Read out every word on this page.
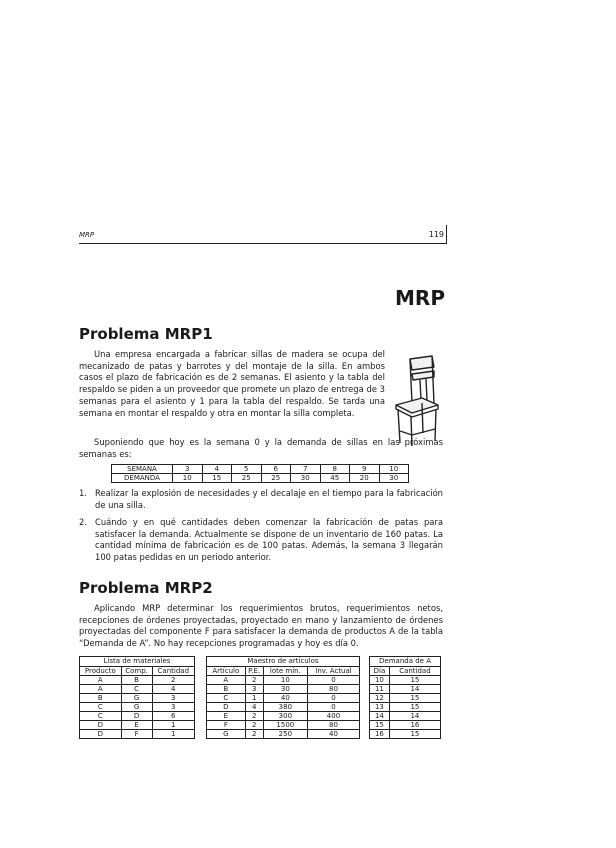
MRP	119
MRP
Problema MRP1
Una empresa encargada a fabricar sillas de madera se ocupa del mecanizado de patas y barrotes y del montaje de la silla. En ambos casos el plazo de fabricación es de 2 semanas. El asiento y la tabla del respaldo se piden a un proveedor que promete un plazo de entrega de 3 semanas para el asiento y 1 para la tabla del respaldo. Se tarda una semana en montar el respaldo y otra en montar la silla completa.
Suponiendo que hoy es la semana 0 y la demanda de sillas en las próximas semanas es:
SEMANA	3	4	5	6	7	8	9	10
DEMANDA	10	15	25	25	30	45	20	30
1. Realizar la explosión de necesidades y el decalaje en el tiempo para la fabricación de una silla.
2. Cuándo y en qué cantidades deben comenzar la fabricación de patas para satisfacer la demanda. Actualmente se dispone de un inventario de 160 patas. La cantidad mínima de fabricación es de 100 patas. Además, la semana 3 llegarán 100 patas pedidas en un periodo anterior.
Problema MRP2
Aplicando MRP determinar los requerimientos brutos, requerimientos netos, recepciones de órdenes proyectadas, proyectado en mano y lanzamiento de órdenes proyectadas del componente F para satisfacer la demanda de productos A de la tabla “Demanda de A”. No hay recepciones programadas y hoy es día 0.
Lista de materiales
Producto	Comp.	Cantidad
A	B	2
A	C	4
B	G	3
C	G	3
C	D	6
D	E	1
D	F	1
Maestro de artículos
Artículo	P.E.	lote mín.	Inv. Actual
A	2	10	0
B	3	30	80
C	1	40	0
D	4	380	0
E	2	300	400
F	2	1500	80
G	2	250	40
Demanda de A
Día	Cantidad
10	15
11	14
12	15
13	15
14	14
15	16
16	15
